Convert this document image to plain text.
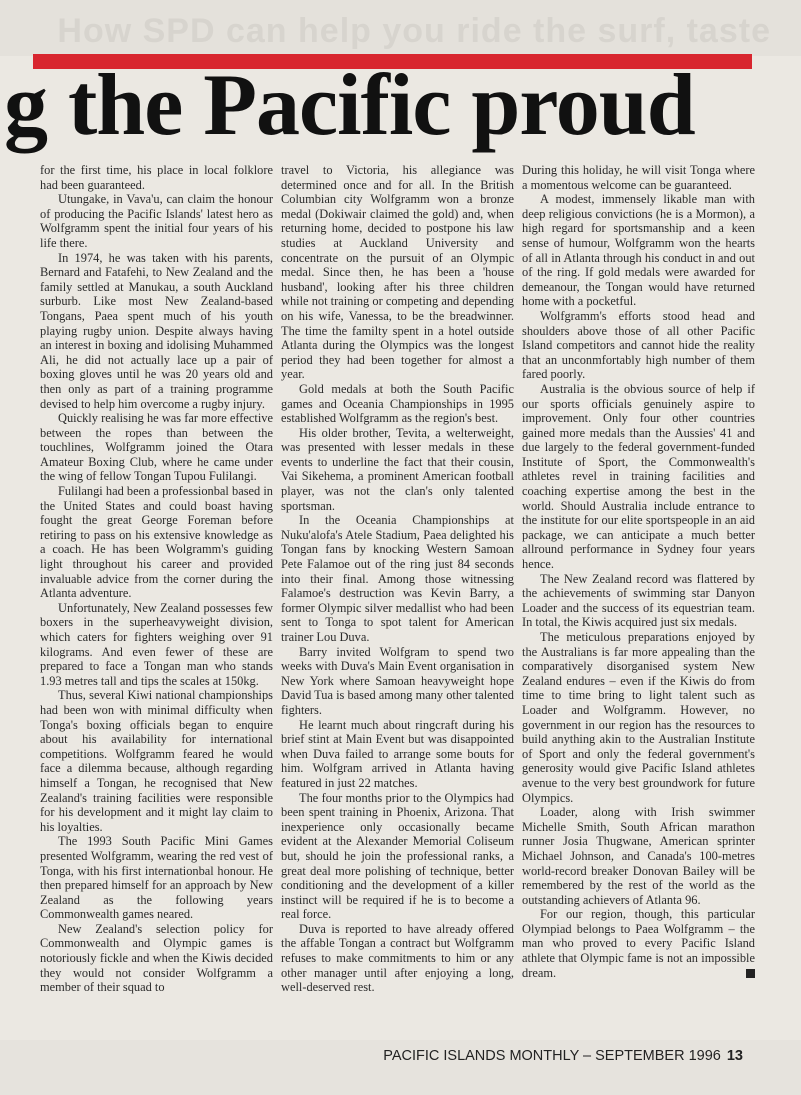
How SPD can help you ride the surf, taste
g the Pacific proud

for the first time, his place in local folklore had been guaranteed.

Utungake, in Vava'u, can claim the honour of producing the Pacific Islands' latest hero as Wolfgramm spent the initial four years of his life there.

In 1974, he was taken with his parents, Bernard and Fatafehi, to New Zealand and the family settled at Manukau, a south Auckland surburb. Like most New Zealand-based Tongans, Paea spent much of his youth playing rugby union. Despite always having an interest in boxing and idolising Muhammed Ali, he did not actually lace up a pair of boxing gloves until he was 20 years old and then only as part of a training programme devised to help him overcome a rugby injury.

Quickly realising he was far more effective between the ropes than between the touchlines, Wolfgramm joined the Otara Amateur Boxing Club, where he came under the wing of fellow Tongan Tupou Fulilangi.

Fulilangi had been a professionbal based in the United States and could boast having fought the great George Foreman before retiring to pass on his extensive knowledge as a coach. He has been Wolgramm's guiding light throughout his career and provided invaluable advice from the corner during the Atlanta adventure.

Unfortunately, New Zealand possesses few boxers in the superheavyweight division, which caters for fighters weighing over 91 kilograms. And even fewer of these are prepared to face a Tongan man who stands 1.93 metres tall and tips the scales at 150kg.

Thus, several Kiwi national championships had been won with minimal difficulty when Tonga's boxing officials began to enquire about his availability for international competitions. Wolfgramm feared he would face a dilemma because, although regarding himself a Tongan, he recognised that New Zealand's training facilities were responsible for his development and it might lay claim to his loyalties.

The 1993 South Pacific Mini Games presented Wolfgramm, wearing the red vest of Tonga, with his first internationbal honour. He then prepared himself for an approach by New Zealand as the following years Commonwealth games neared.

New Zealand's selection policy for Commonwealth and Olympic games is notoriously fickle and when the Kiwis decided they would not consider Wolfgramm a member of their squad to

travel to Victoria, his allegiance was determined once and for all. In the British Columbian city Wolfgramm won a bronze medal (Dokiwair claimed the gold) and, when returning home, decided to postpone his law studies at Auckland University and concentrate on the pursuit of an Olympic medal. Since then, he has been a 'house husband', looking after his three children while not training or competing and depending on his wife, Vanessa, to be the breadwinner. The time the familty spent in a hotel outside Atlanta during the Olympics was the longest period they had been together for almost a year.

Gold medals at both the South Pacific games and Oceania Championships in 1995 established Wolfgramm as the region's best.

His older brother, Tevita, a welterweight, was presented with lesser medals in these events to underline the fact that their cousin, Vai Sikehema, a prominent American football player, was not the clan's only talented sportsman.

In the Oceania Championships at Nuku'alofa's Atele Stadium, Paea delighted his Tongan fans by knocking Western Samoan Pete Falamoe out of the ring just 84 seconds into their final. Among those witnessing Falamoe's destruction was Kevin Barry, a former Olympic silver medallist who had been sent to Tonga to spot talent for American trainer Lou Duva.

Barry invited Wolfgram to spend two weeks with Duva's Main Event organisation in New York where Samoan heavyweight hope David Tua is based among many other talented fighters.

He learnt much about ringcraft during his brief stint at Main Event but was disappointed when Duva failed to arrange some bouts for him. Wolfgram arrived in Atlanta having featured in just 22 matches.

The four months prior to the Olympics had been spent training in Phoenix, Arizona. That inexperience only occasionally became evident at the Alexander Memorial Coliseum but, should he join the professional ranks, a great deal more polishing of technique, better conditioning and the development of a killer instinct will be required if he is to become a real force.

Duva is reported to have already offered the affable Tongan a contract but Wolfgramm refuses to make commitments to him or any other manager until after enjoying a long, well-deserved rest.

During this holiday, he will visit Tonga where a momentous welcome can be guaranteed.

A modest, immensely likable man with deep religious convictions (he is a Mormon), a high regard for sportsmanship and a keen sense of humour, Wolfgramm won the hearts of all in Atlanta through his conduct in and out of the ring. If gold medals were awarded for demeanour, the Tongan would have returned home with a pocketful.

Wolfgramm's efforts stood head and shoulders above those of all other Pacific Island competitors and cannot hide the reality that an unconmfortably high number of them fared poorly.

Australia is the obvious source of help if our sports officials genuinely aspire to improvement. Only four other countries gained more medals than the Aussies' 41 and due largely to the federal government-funded Institute of Sport, the Commonwealth's athletes revel in training facilities and coaching expertise among the best in the world. Should Australia include entrance to the institute for our elite sportspeople in an aid package, we can anticipate a much better allround performance in Sydney four years hence.

The New Zealand record was flattered by the achievements of swimming star Danyon Loader and the success of its equestrian team. In total, the Kiwis acquired just six medals.

The meticulous preparations enjoyed by the Australians is far more appealing than the comparatively disorganised system New Zealand endures – even if the Kiwis do from time to time bring to light talent such as Loader and Wolfgramm. However, no government in our region has the resources to build anything akin to the Australian Institute of Sport and only the federal government's generosity would give Pacific Island athletes avenue to the very best groundwork for future Olympics.

Loader, along with Irish swimmer Michelle Smith, South African marathon runner Josia Thugwane, American sprinter Michael Johnson, and Canada's 100-metres world-record breaker Donovan Bailey will be remembered by the rest of the world as the outstanding achievers of Atlanta 96.

For our region, though, this particular Olympiad belongs to Paea Wolfgramm – the man who proved to every Pacific Island athlete that Olympic fame is not an impossible dream.

PACIFIC ISLANDS MONTHLY – SEPTEMBER 1996 13
